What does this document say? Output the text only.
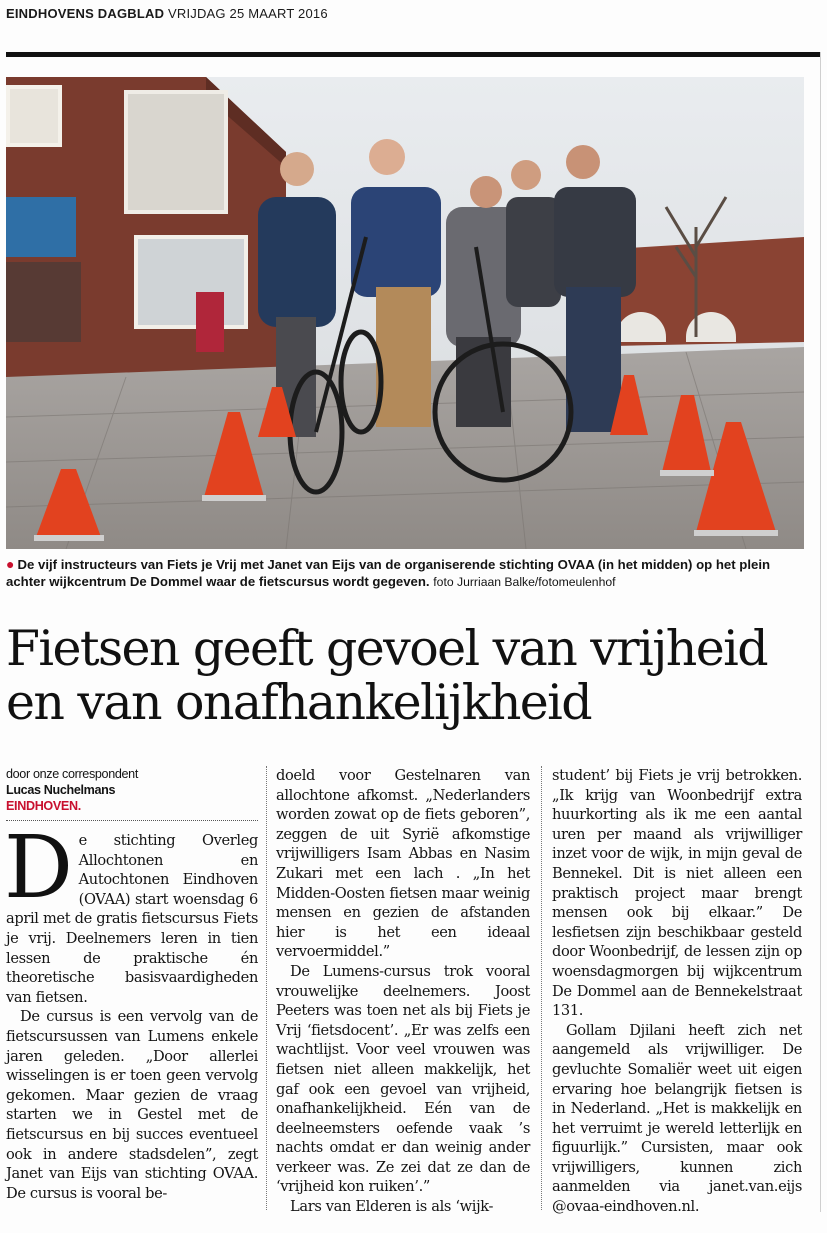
EINDHOVENS DAGBLAD VRIJDAG 25 MAART 2016
● De vijf instructeurs van Fiets je Vrij met Janet van Eijs van de organiserende stichting OVAA (in het midden) op het plein achter wijkcentrum De Dommel waar de fietscursus wordt gegeven. foto Jurriaan Balke/fotomeulenhof
Fietsen geeft gevoel van vrijheid
en van onafhankelijkheid
door onze correspondent
Lucas Nuchelmans
EINDHOVEN.

De stichting Overleg Allochtonen en Autochtonen Eindhoven (OVAA) start woensdag 6 april met de gratis fietscursus Fiets je vrij. Deelnemers leren in tien lessen de praktische én theoretische basisvaardigheden van fietsen.

De cursus is een vervolg van de fietscursussen van Lumens enkele jaren geleden. „Door allerlei wisselingen is er toen geen vervolg gekomen. Maar gezien de vraag starten we in Gestel met de fietscursus en bij succes eventueel ook in andere stadsdelen”, zegt Janet van Eijs van stichting OVAA. De cursus is vooral be-

doeld voor Gestelnaren van allochtone afkomst. „Nederlanders worden zowat op de fiets geboren”, zeggen de uit Syrië afkomstige vrijwilligers Isam Abbas en Nasim Zukari met een lach . „In het Midden-Oosten fietsen maar weinig mensen en gezien de afstanden hier is het een ideaal vervoermiddel.”

De Lumens-cursus trok vooral vrouwelijke deelnemers. Joost Peeters was toen net als bij Fiets je Vrij ‘fietsdocent’. „Er was zelfs een wachtlijst. Voor veel vrouwen was fietsen niet alleen makkelijk, het gaf ook een gevoel van vrijheid, onafhankelijkheid. Eén van de deelneemsters oefende vaak ’s nachts omdat er dan weinig ander verkeer was. Ze zei dat ze dan de ‘vrijheid kon ruiken’.”

Lars van Elderen is als ‘wijk-

student’ bij Fiets je vrij betrokken. „Ik krijg van Woonbedrijf extra huurkorting als ik me een aantal uren per maand als vrijwilliger inzet voor de wijk, in mijn geval de Bennekel. Dit is niet alleen een praktisch project maar brengt mensen ook bij elkaar.” De lesfietsen zijn beschikbaar gesteld door Woonbedrijf, de lessen zijn op woensdagmorgen bij wijkcentrum De Dommel aan de Bennekelstraat 131.

Gollam Djilani heeft zich net aangemeld als vrijwilliger. De gevluchte Somaliër weet uit eigen ervaring hoe belangrijk fietsen is in Nederland. „Het is makkelijk en het verruimt je wereld letterlijk en figuurlijk.” Cursisten, maar ook vrijwilligers, kunnen zich aanmelden via janet.van.eijs @ovaa-eindhoven.nl.
